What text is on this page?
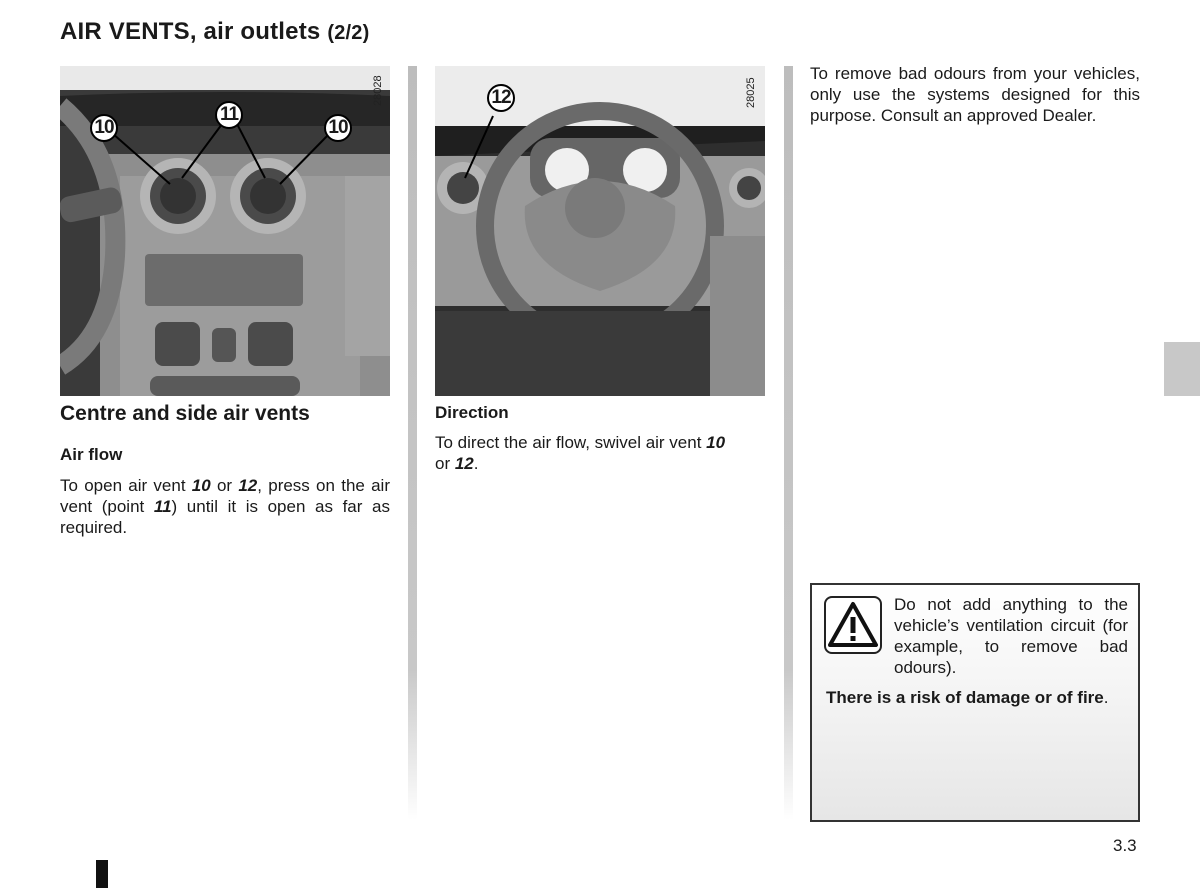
AIR VENTS, air outlets (2/2)
10
11
10
28028	12	28025
Centre and side air vents
Air flow
To open air vent 10 or 12, press on the air vent (point 11) until it is open as far as required.
Direction
To direct the air flow, swivel air vent 10
or 12.
To remove bad odours from your vehicles, only use the systems designed for this purpose. Consult an approved Dealer.
Do not add anything to the vehicle’s ventilation circuit (for example, to remove bad odours).
There is a risk of damage or of fire.
3.3
